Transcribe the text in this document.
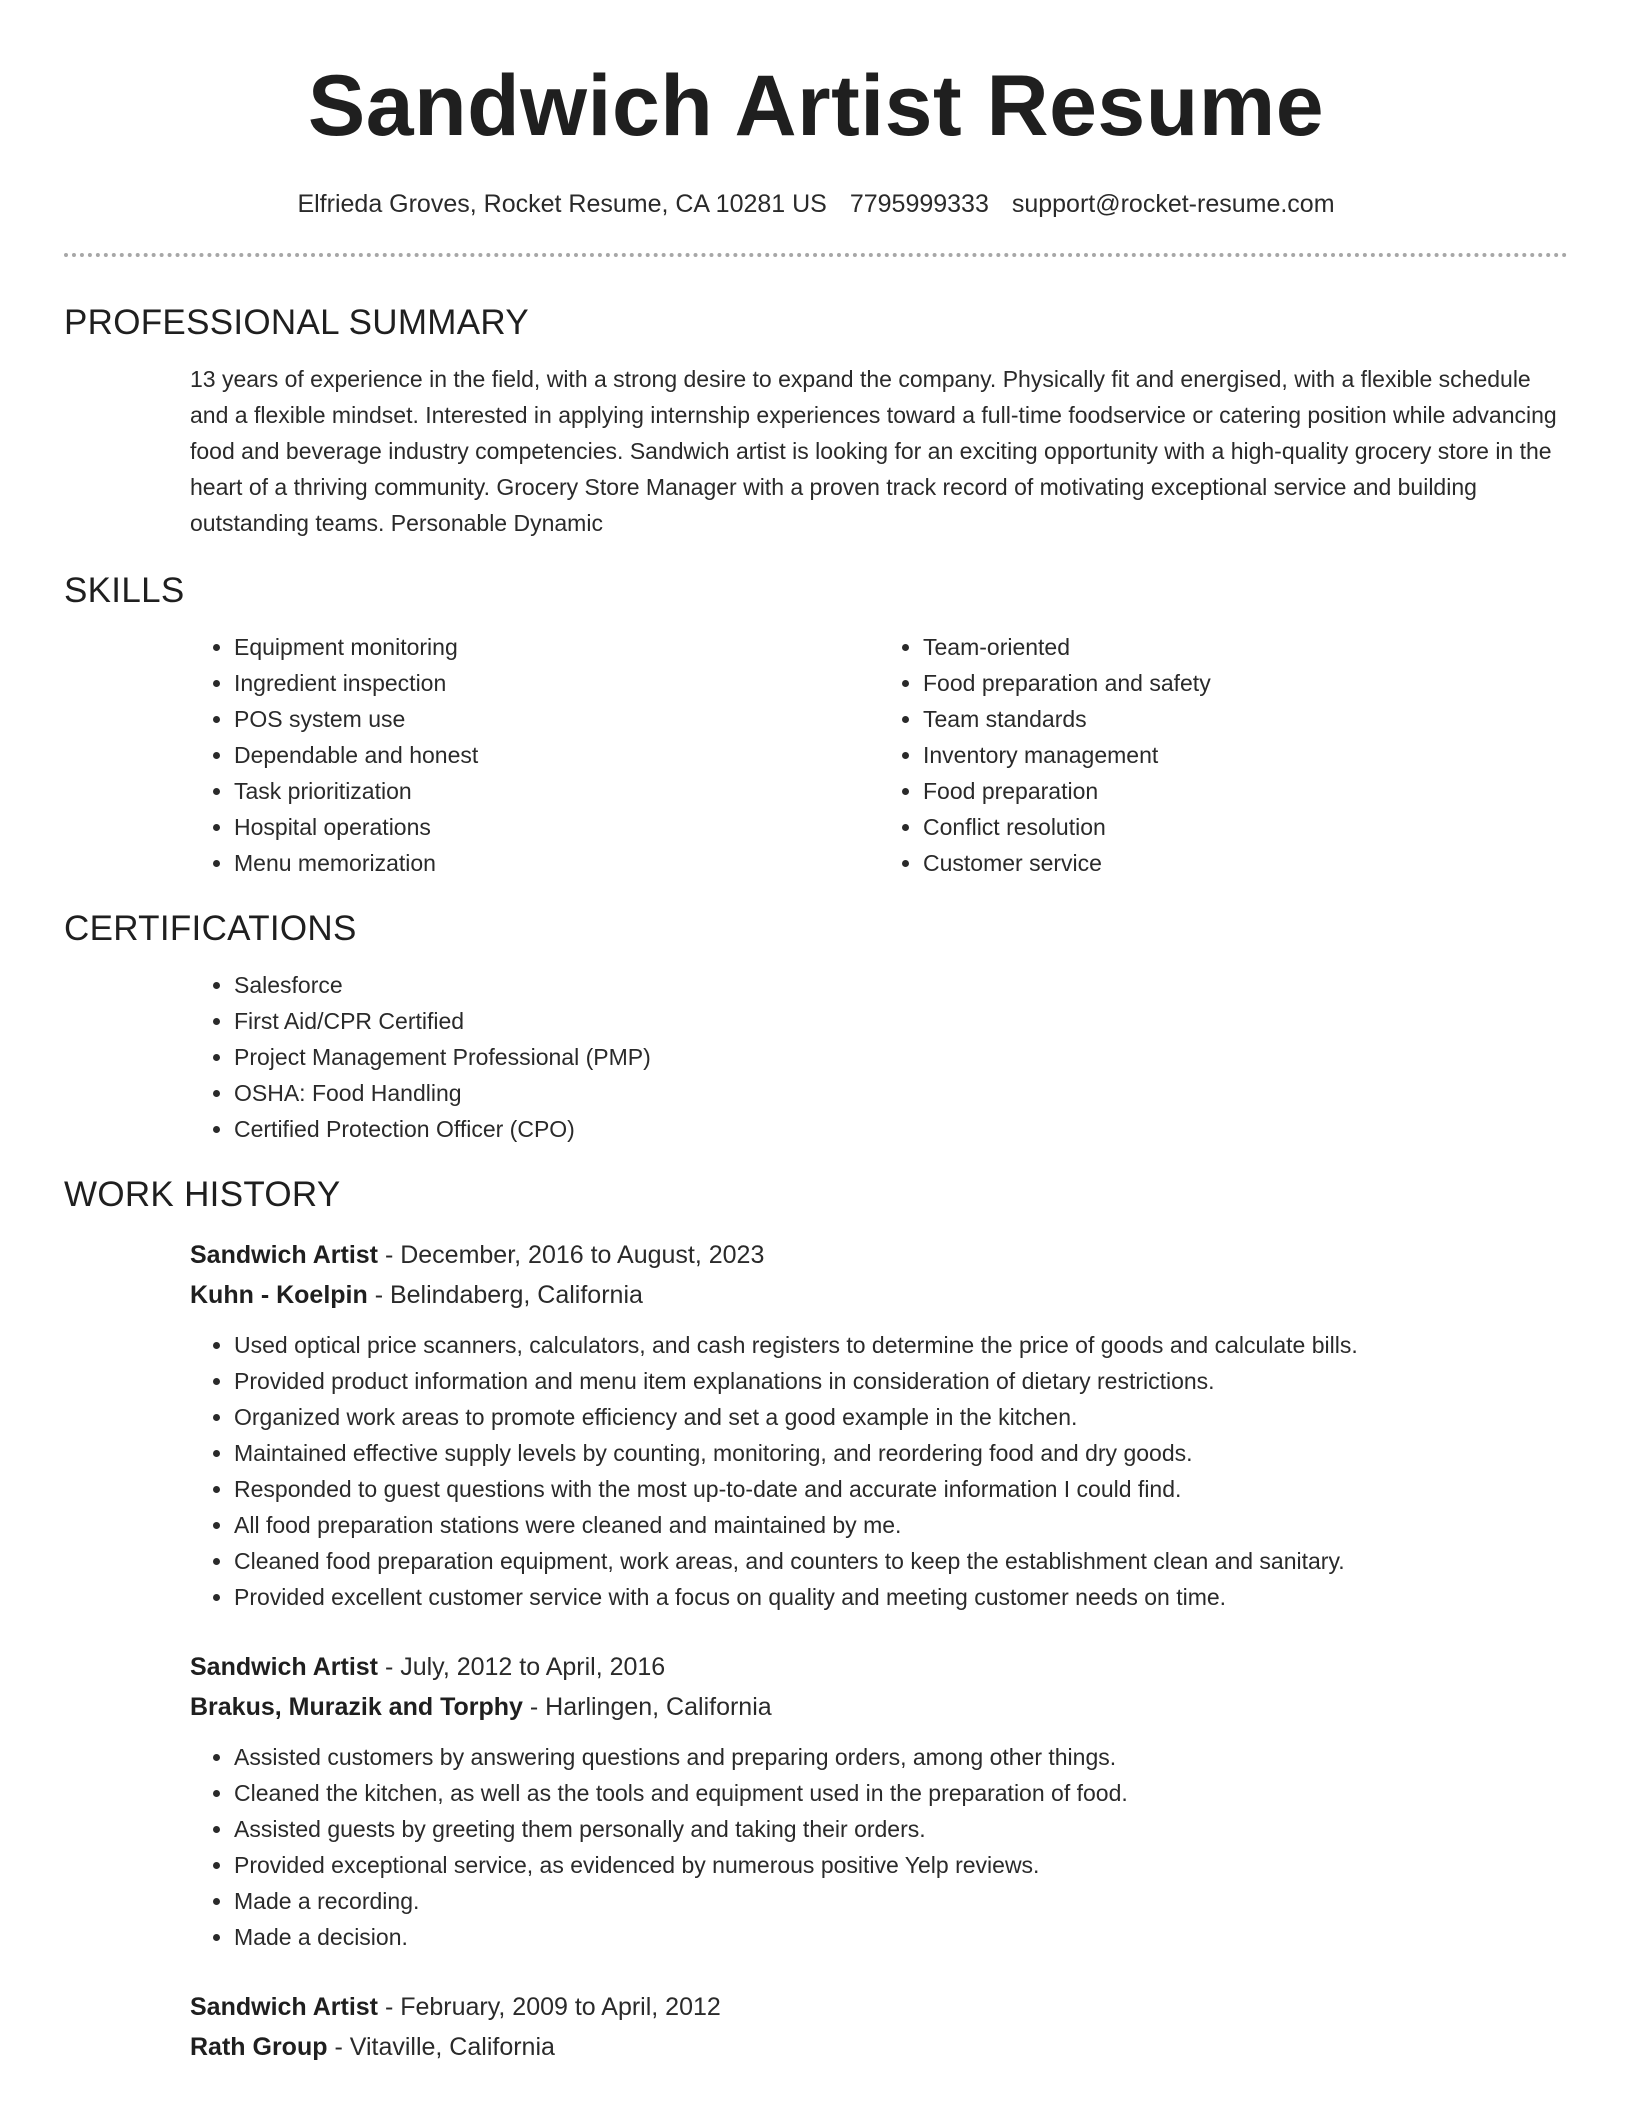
Sandwich Artist Resume
Elfrieda Groves, Rocket Resume, CA 10281 US 7795999333 support@rocket-resume.com
PROFESSIONAL SUMMARY
13 years of experience in the field, with a strong desire to expand the company. Physically fit and energised, with a flexible schedule and a flexible mindset. Interested in applying internship experiences toward a full-time foodservice or catering position while advancing food and beverage industry competencies. Sandwich artist is looking for an exciting opportunity with a high-quality grocery store in the heart of a thriving community. Grocery Store Manager with a proven track record of motivating exceptional service and building outstanding teams. Personable Dynamic
SKILLS
• Equipment monitoring
• Ingredient inspection
• POS system use
• Dependable and honest
• Task prioritization
• Hospital operations
• Menu memorization
• Team-oriented
• Food preparation and safety
• Team standards
• Inventory management
• Food preparation
• Conflict resolution
• Customer service
CERTIFICATIONS
• Salesforce
• First Aid/CPR Certified
• Project Management Professional (PMP)
• OSHA: Food Handling
• Certified Protection Officer (CPO)
WORK HISTORY
Sandwich Artist - December, 2016 to August, 2023
Kuhn - Koelpin - Belindaberg, California
• Used optical price scanners, calculators, and cash registers to determine the price of goods and calculate bills.
• Provided product information and menu item explanations in consideration of dietary restrictions.
• Organized work areas to promote efficiency and set a good example in the kitchen.
• Maintained effective supply levels by counting, monitoring, and reordering food and dry goods.
• Responded to guest questions with the most up-to-date and accurate information I could find.
• All food preparation stations were cleaned and maintained by me.
• Cleaned food preparation equipment, work areas, and counters to keep the establishment clean and sanitary.
• Provided excellent customer service with a focus on quality and meeting customer needs on time.
Sandwich Artist - July, 2012 to April, 2016
Brakus, Murazik and Torphy - Harlingen, California
• Assisted customers by answering questions and preparing orders, among other things.
• Cleaned the kitchen, as well as the tools and equipment used in the preparation of food.
• Assisted guests by greeting them personally and taking their orders.
• Provided exceptional service, as evidenced by numerous positive Yelp reviews.
• Made a recording.
• Made a decision.
Sandwich Artist - February, 2009 to April, 2012
Rath Group - Vitaville, California
